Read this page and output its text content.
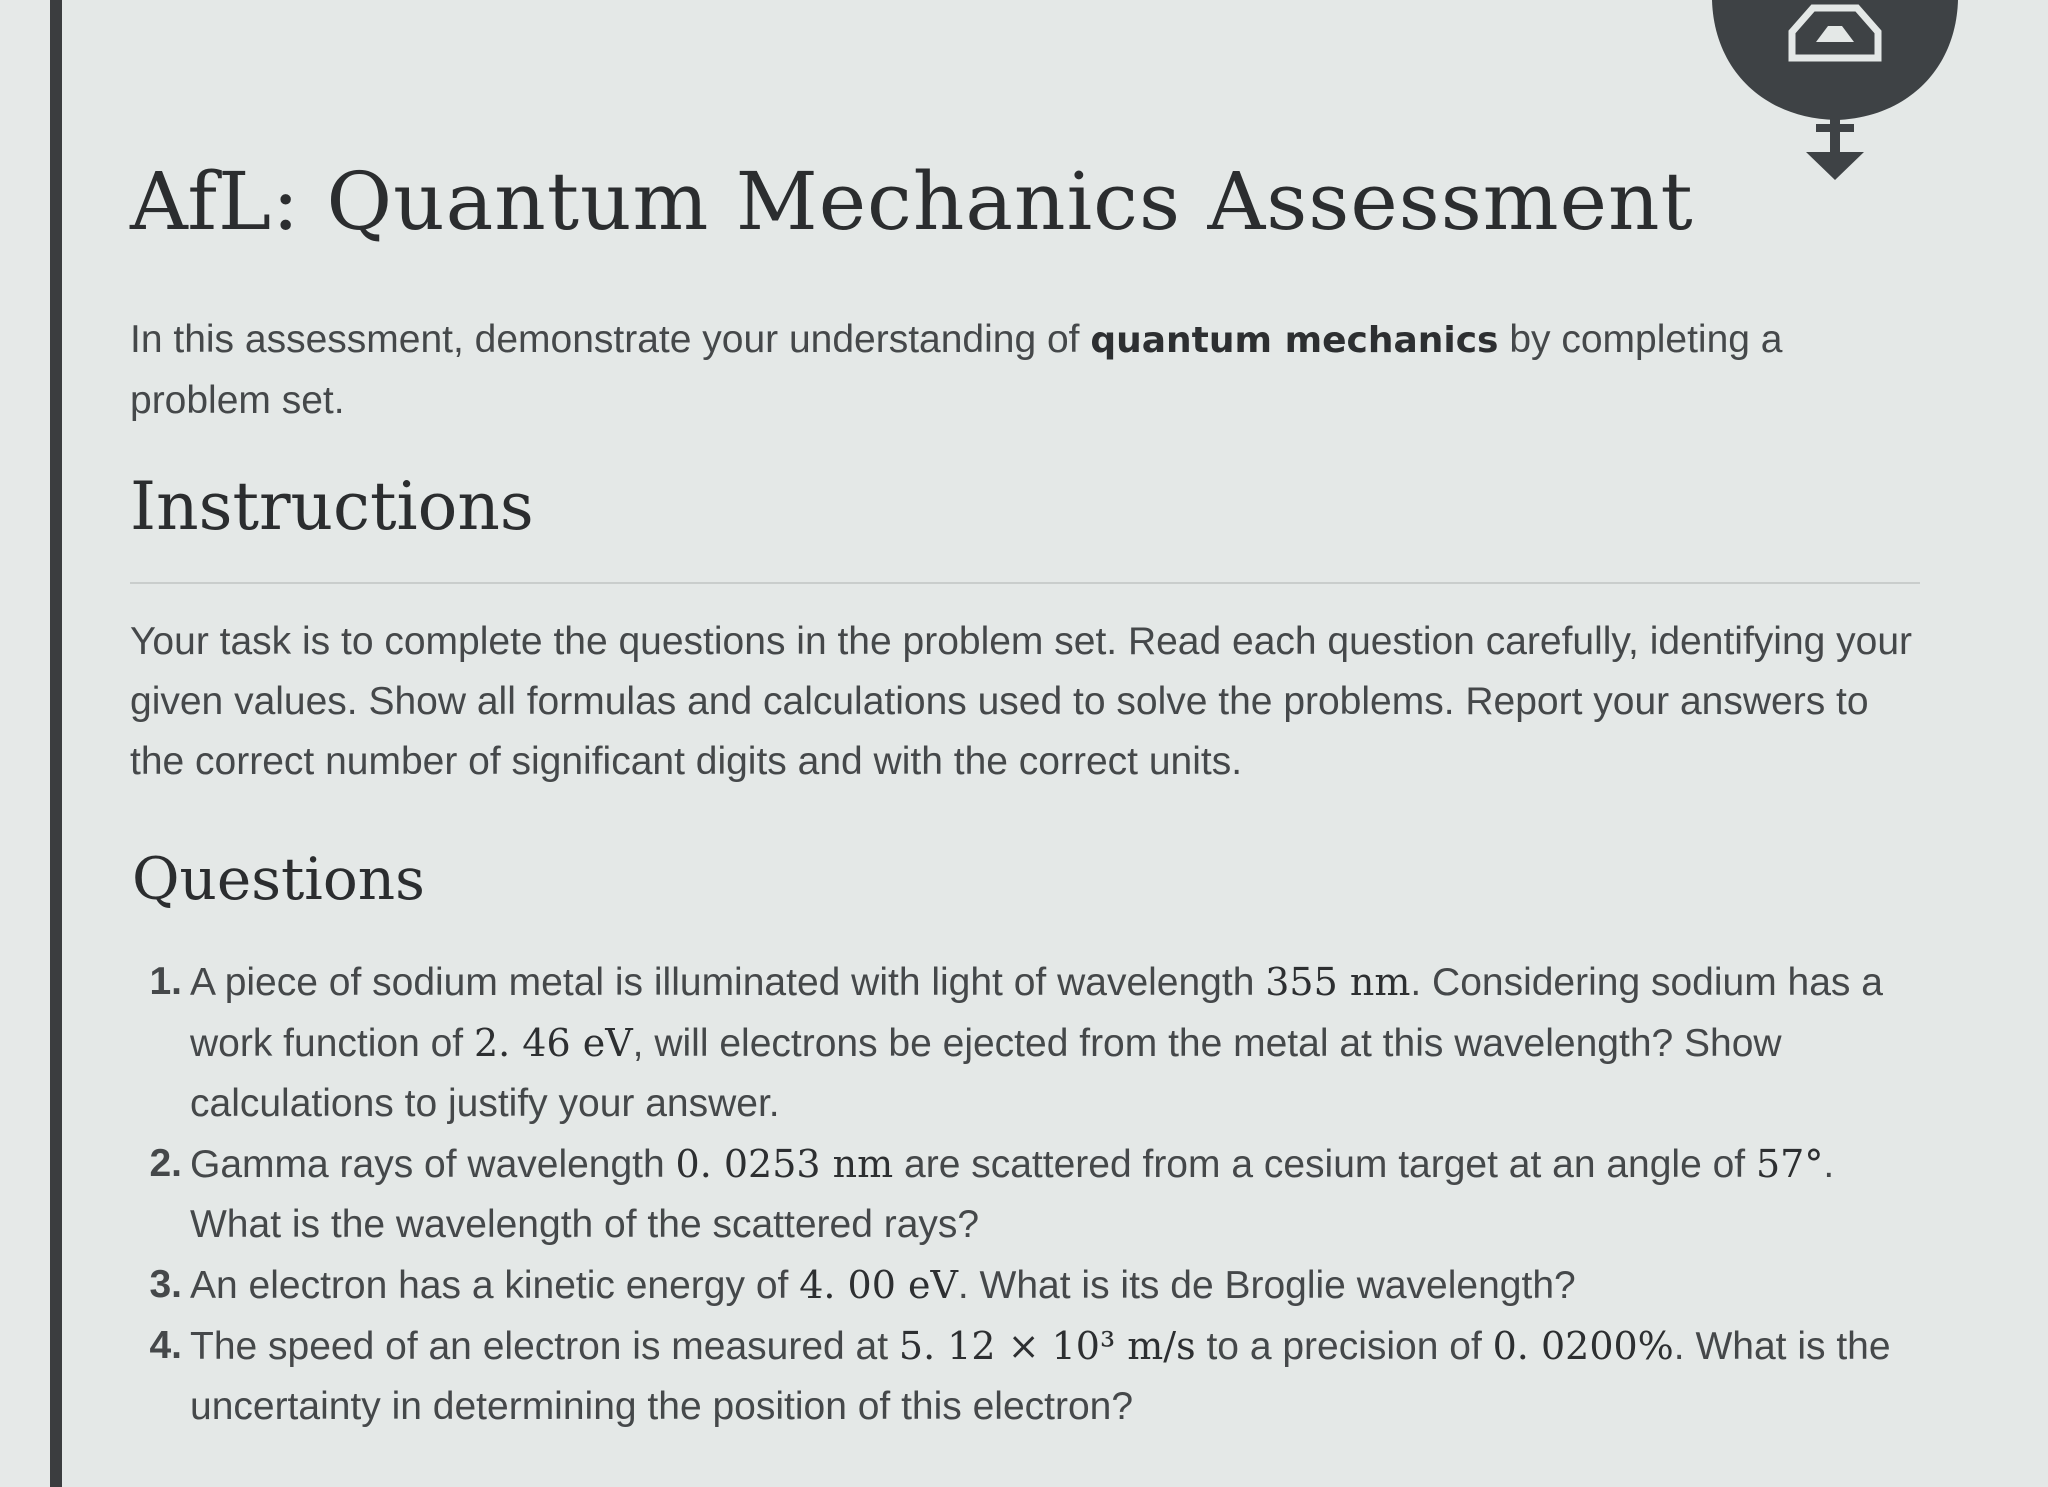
AfL: Quantum Mechanics Assessment

In this assessment, demonstrate your understanding of quantum mechanics by completing a problem set.

Instructions

Your task is to complete the questions in the problem set. Read each question carefully, identifying your given values. Show all formulas and calculations used to solve the problems. Report your answers to the correct number of significant digits and with the correct units.

Questions
1. A piece of sodium metal is illuminated with light of wavelength 355 nm. Considering sodium has a work function of 2. 46 eV, will electrons be ejected from the metal at this wavelength? Show calculations to justify your answer.
2. Gamma rays of wavelength 0. 0253 nm are scattered from a cesium target at an angle of 57°. What is the wavelength of the scattered rays?
3. An electron has a kinetic energy of 4. 00 eV. What is its de Broglie wavelength?
4. The speed of an electron is measured at 5. 12 × 10³ m/s to a precision of 0. 0200%. What is the uncertainty in determining the position of this electron?
